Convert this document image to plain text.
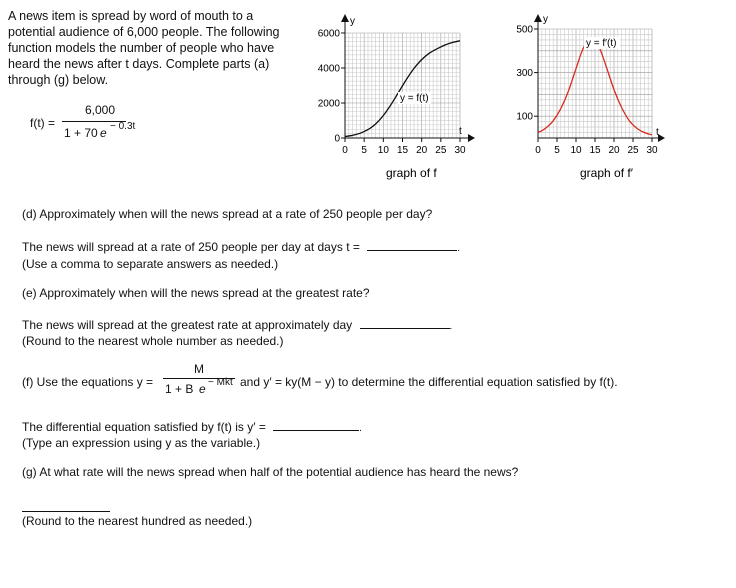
A news item is spread by word of mouth to a
potential audience of 6,000 people. The following
function models the number of people who have
heard the news after t days. Complete parts (a)
through (g) below.
f(t) =
6,000
1 + 70 e − 0.3t
y
t
0
2000
4000
6000
0 5 10 15 20 25 30
y = f(t)
graph of f
y
t
100
300
500
0 5 10 15 20 25 30
y = f′(t)
graph of f′
(d) Approximately when will the news spread at a rate of 250 people per day?
The news will spread at a rate of 250 people per day at days t =	.
(Use a comma to separate answers as needed.)
(e) Approximately when will the news spread at the greatest rate?
The news will spread at the greatest rate at approximately day	.
(Round to the nearest whole number as needed.)
(f) Use the equations y =
M
1 + B e − Mkt and y′ = ky(M − y) to determine the differential equation satisfied by f(t).
The differential equation satisfied by f(t) is y′ =	.
(Type an expression using y as the variable.)
(g) At what rate will the news spread when half of the potential audience has heard the news?
(Round to the nearest hundred as needed.)
